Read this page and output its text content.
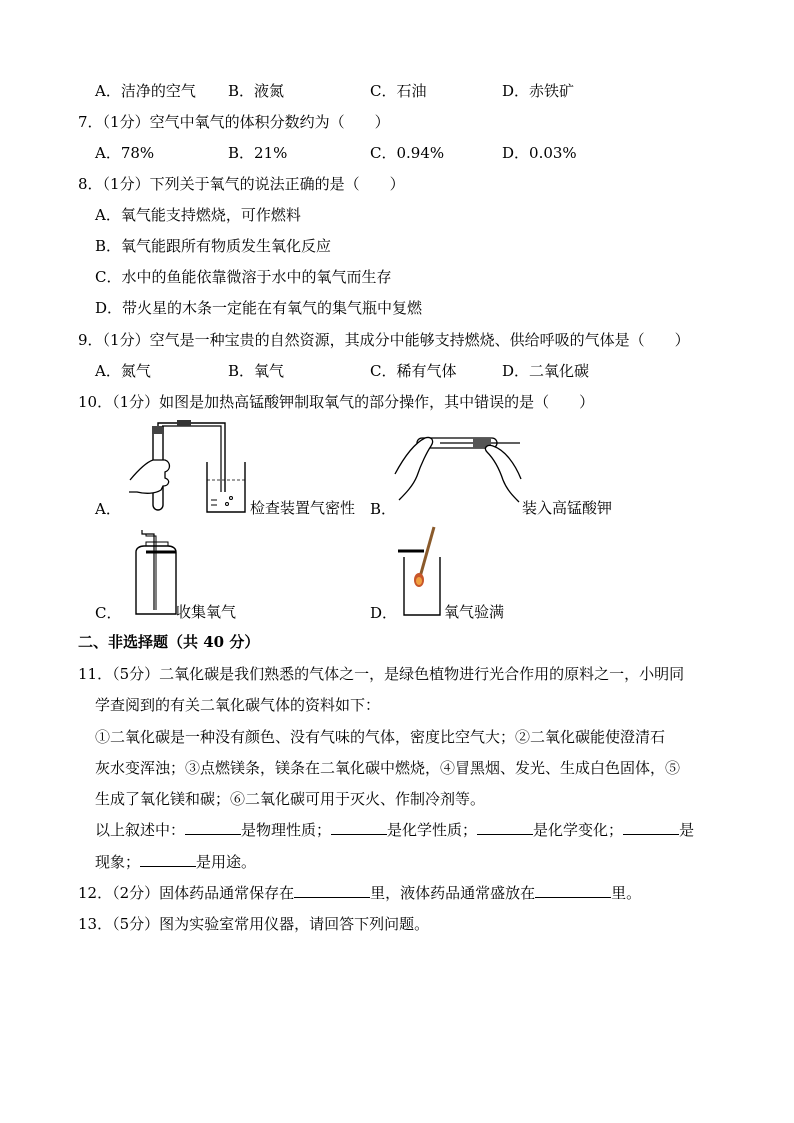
A．洁净的空气 B．液氮	C．石油	D．赤铁矿
7．（1分）空气中氧气的体积分数约为（　　）
A．78%	B．21%	C．0.94%	D．0.03%
8．（1分）下列关于氧气的说法正确的是（　　）
A．氧气能支持燃烧，可作燃料
B．氧气能跟所有物质发生氧化反应
C．水中的鱼能依靠微溶于水中的氧气而生存
D．带火星的木条一定能在有氧气的集气瓶中复燃
9．（1分）空气是一种宝贵的自然资源，其成分中能够支持燃烧、供给呼吸的气体是（　　）
A．氮气	B．氧气	C．稀有气体	D．二氧化碳
10．（1分）如图是加热高锰酸钾制取氧气的部分操作，其中错误的是（　　）
A．	检查装置气密性 B．	装入高锰酸钾
C．	收集氧气	D．	氧气验满
二、非选择题（共 40 分）
11．（5分）二氧化碳是我们熟悉的气体之一，是绿色植物进行光合作用的原料之一，小明同
学查阅到的有关二氧化碳气体的资料如下：
①二氧化碳是一种没有颜色、没有气味的气体，密度比空气大；②二氧化碳能使澄清石
灰水变浑浊；③点燃镁条，镁条在二氧化碳中燃烧，④冒黑烟、发光、生成白色固体，⑤
生成了氧化镁和碳；⑥二氧化碳可用于灭火、作制冷剂等。
以上叙述中：	是物理性质；	是化学性质；	是化学变化；	是
现象；	是用途。
12．（2分）固体药品通常保存在	里，液体药品通常盛放在	里。
13．（5分）图为实验室常用仪器，请回答下列问题。
